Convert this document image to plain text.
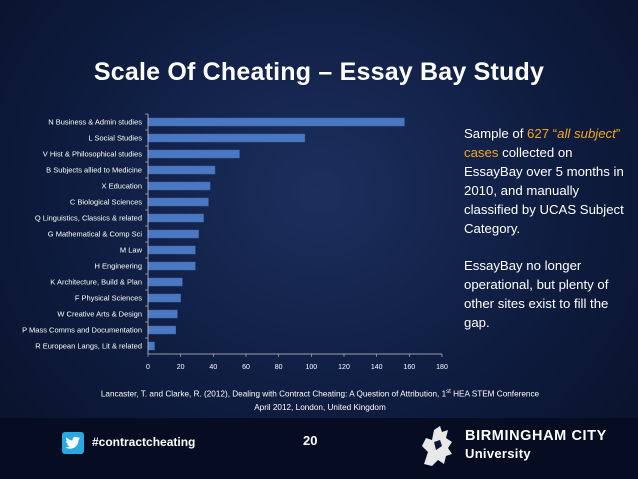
Scale Of Cheating – Essay Bay Study
N Business & Admin studies
L Social Studies
V Hist & Philosophical studies
B Subjects allied to Medicine
X Education
C Biological Sciences
Q Linguistics, Classics & related
G Mathematical & Comp Sci
M Law
H Engineering
K Architecture, Build & Plan
F Physical Sciences
W Creative Arts & Design
P Mass Comms and Documentation
R European Langs, Lit & related
0	20	40	60	80	100	120	140	160	180

Sample of 627 “all subject” cases collected on EssayBay over 5 months in 2010, and manually classified by UCAS Subject Category.

EssayBay no longer operational, but plenty of other sites exist to fill the gap.

Lancaster, T. and Clarke, R. (2012), Dealing with Contract Cheating: A Question of Attribution, 1st HEA STEM Conference
April 2012, London, United Kingdom
#contractcheating	20	BIRMINGHAM CITY
University
